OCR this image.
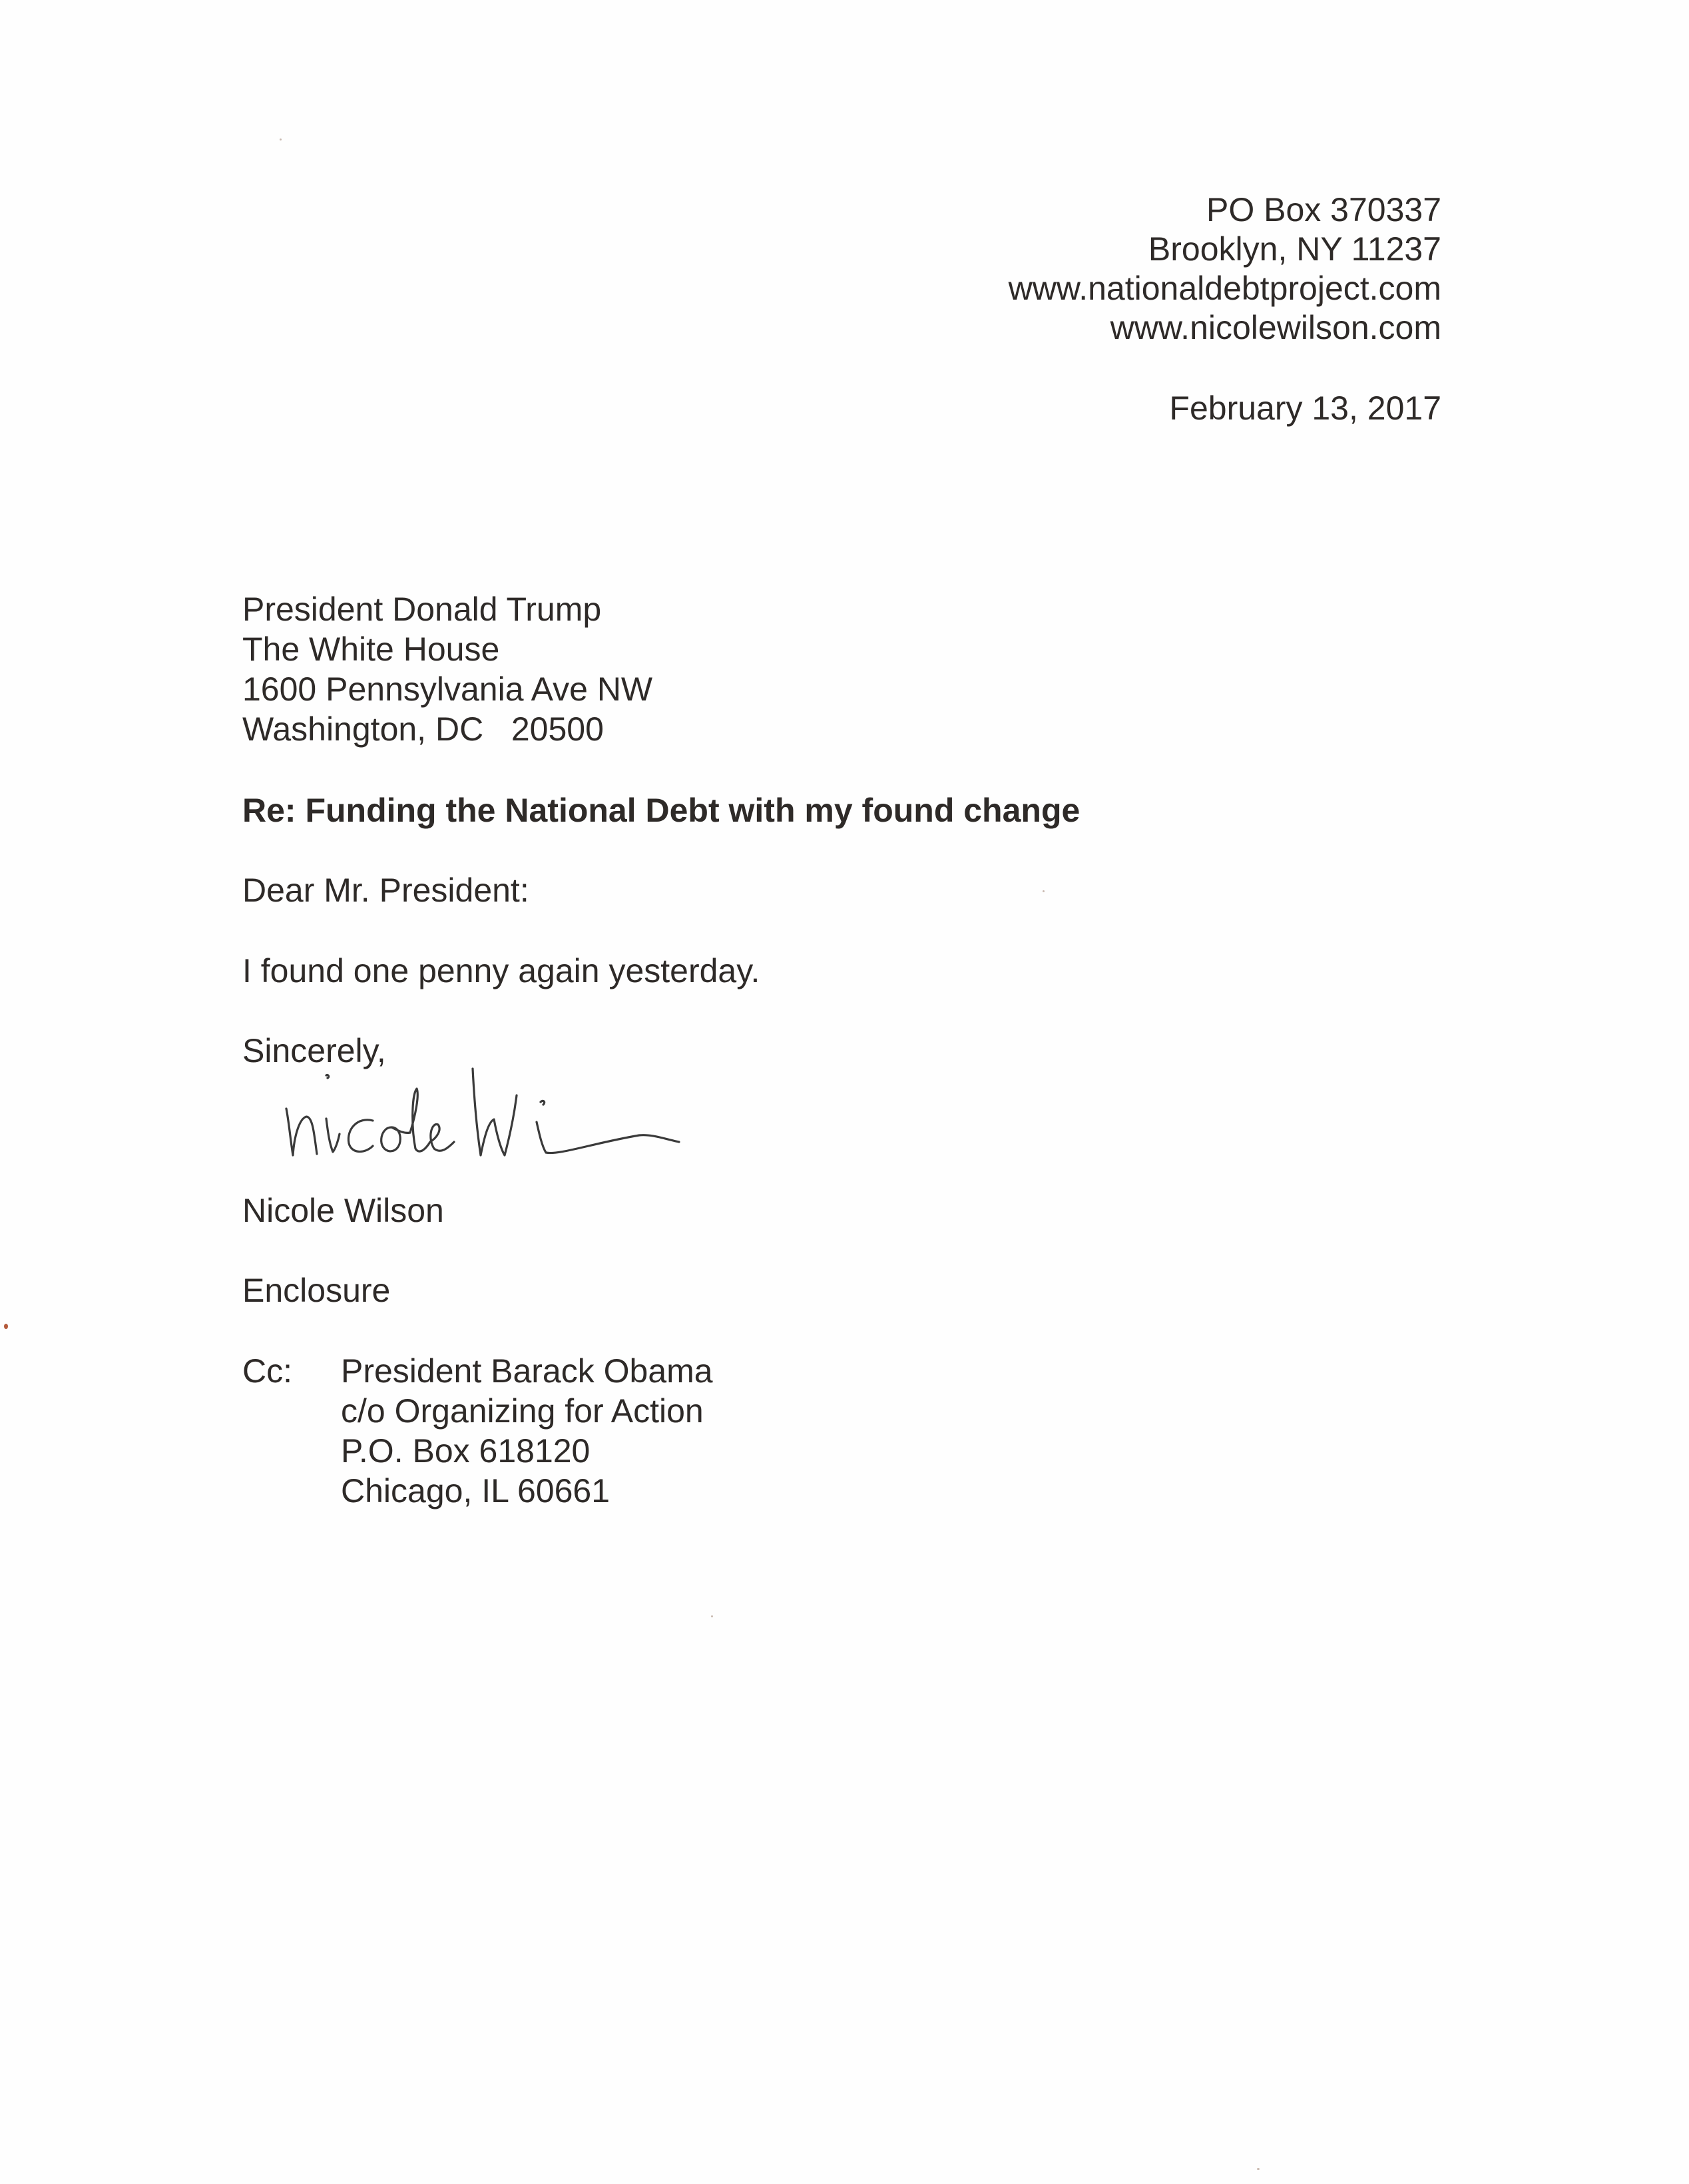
PO Box 370337
Brooklyn, NY 11237
www.nationaldebtproject.com
www.nicolewilson.com
February 13, 2017
President Donald Trump
The White House
1600 Pennsylvania Ave NW
Washington, DC   20500
Re: Funding the National Debt with my found change
Dear Mr. President:
I found one penny again yesterday.
Sincerely,
Nicole Wilson
Enclosure
Cc: President Barack Obama
c/o Organizing for Action
P.O. Box 618120
Chicago, IL 60661
